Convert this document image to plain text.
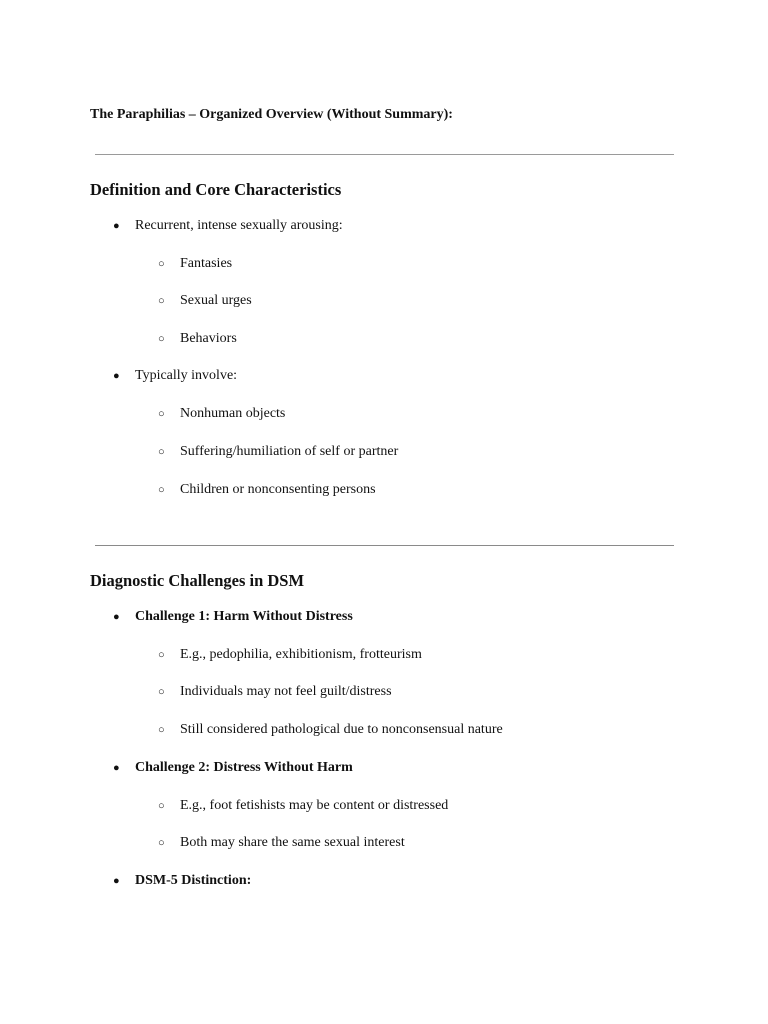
The Paraphilias – Organized Overview (Without Summary):
Definition and Core Characteristics
● Recurrent, intense sexually arousing:
○ Fantasies
○ Sexual urges
○ Behaviors
● Typically involve:
○ Nonhuman objects
○ Suffering/humiliation of self or partner
○ Children or nonconsenting persons
Diagnostic Challenges in DSM
● Challenge 1: Harm Without Distress
○ E.g., pedophilia, exhibitionism, frotteurism
○ Individuals may not feel guilt/distress
○ Still considered pathological due to nonconsensual nature
● Challenge 2: Distress Without Harm
○ E.g., foot fetishists may be content or distressed
○ Both may share the same sexual interest
● DSM-5 Distinction:
